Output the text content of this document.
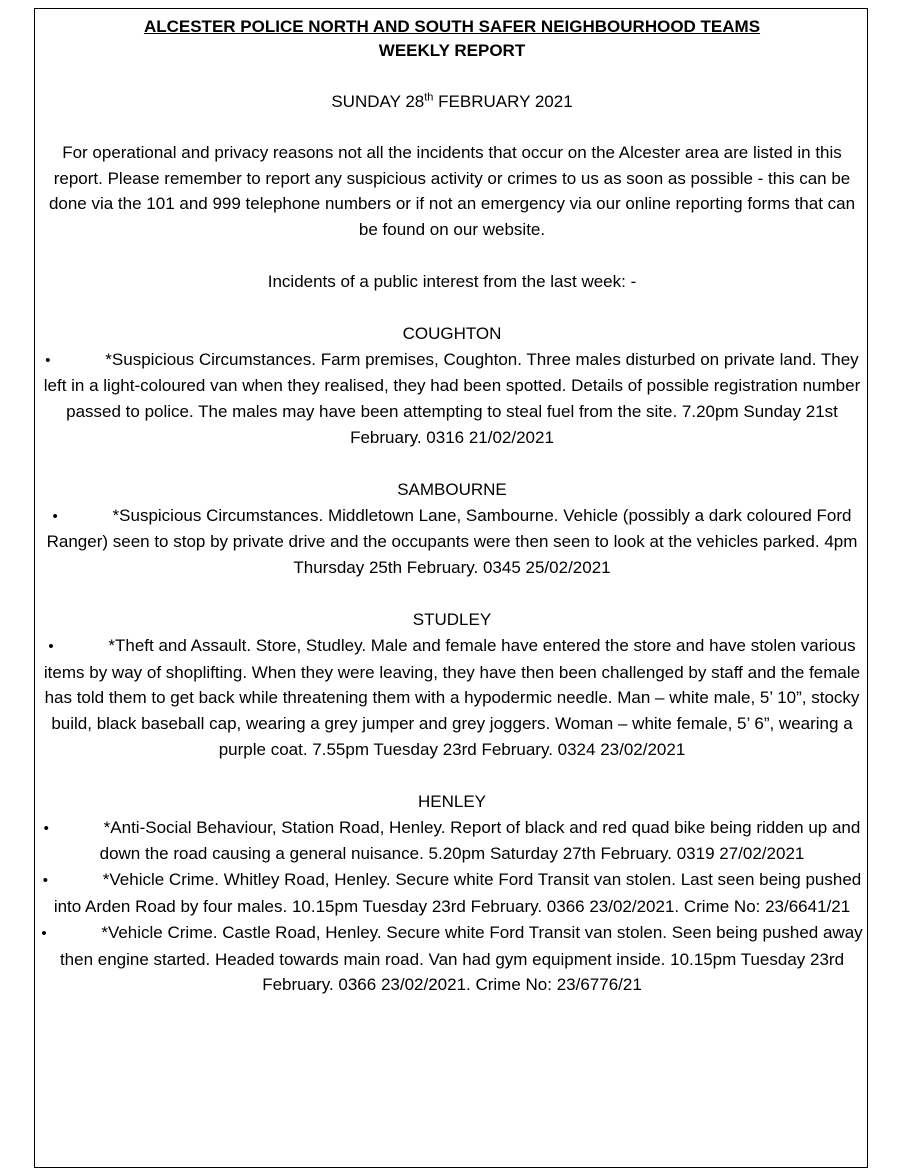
ALCESTER POLICE NORTH AND SOUTH SAFER NEIGHBOURHOOD TEAMS
WEEKLY REPORT
SUNDAY 28th FEBRUARY 2021
For operational and privacy reasons not all the incidents that occur on the Alcester area are listed in this report. Please remember to report any suspicious activity or crimes to us as soon as possible - this can be done via the 101 and 999 telephone numbers or if not an emergency via our online reporting forms that can be found on our website.
Incidents of a public interest from the last week: -
COUGHTON
•	*Suspicious Circumstances. Farm premises, Coughton. Three males disturbed on private land. They left in a light-coloured van when they realised, they had been spotted. Details of possible registration number passed to police. The males may have been attempting to steal fuel from the site. 7.20pm Sunday 21st February. 0316 21/02/2021
SAMBOURNE
•	*Suspicious Circumstances. Middletown Lane, Sambourne. Vehicle (possibly a dark coloured Ford Ranger) seen to stop by private drive and the occupants were then seen to look at the vehicles parked. 4pm Thursday 25th February. 0345 25/02/2021
STUDLEY
•	*Theft and Assault. Store, Studley. Male and female have entered the store and have stolen various items by way of shoplifting. When they were leaving, they have then been challenged by staff and the female has told them to get back while threatening them with a hypodermic needle. Man – white male, 5’ 10”, stocky build, black baseball cap, wearing a grey jumper and grey joggers. Woman – white female, 5’ 6”, wearing a purple coat. 7.55pm Tuesday 23rd February. 0324 23/02/2021
HENLEY
•	*Anti-Social Behaviour, Station Road, Henley. Report of black and red quad bike being ridden up and down the road causing a general nuisance. 5.20pm Saturday 27th February. 0319 27/02/2021
•	*Vehicle Crime. Whitley Road, Henley. Secure white Ford Transit van stolen. Last seen being pushed into Arden Road by four males. 10.15pm Tuesday 23rd February. 0366 23/02/2021. Crime No: 23/6641/21
•	*Vehicle Crime. Castle Road, Henley. Secure white Ford Transit van stolen. Seen being pushed away then engine started. Headed towards main road. Van had gym equipment inside. 10.15pm Tuesday 23rd February. 0366 23/02/2021. Crime No: 23/6776/21
